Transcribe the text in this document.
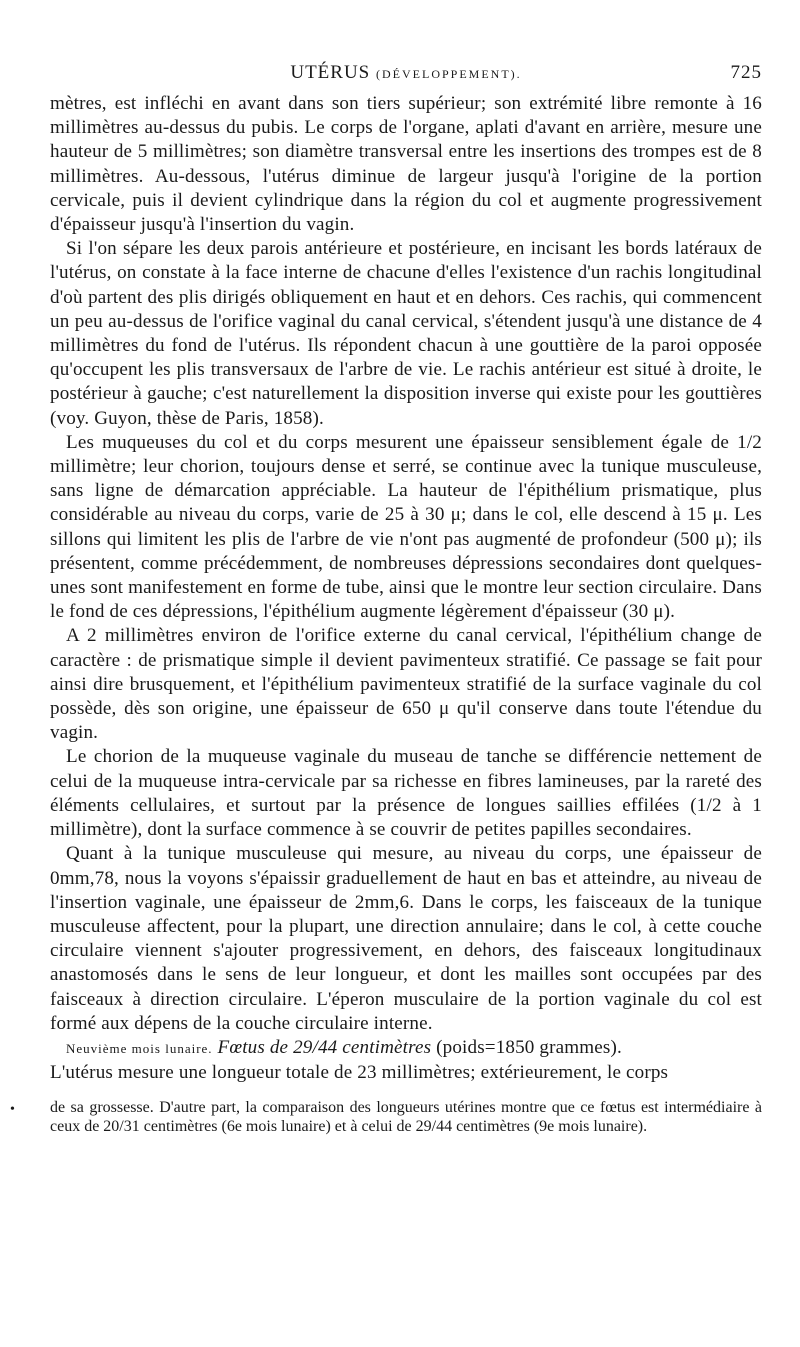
UTÉRUS (DÉVELOPPEMENT).	725

mètres, est infléchi en avant dans son tiers supérieur; son extrémité libre remonte à 16 millimètres au-dessus du pubis. Le corps de l'organe, aplati d'avant en arrière, mesure une hauteur de 5 millimètres; son diamètre transversal entre les insertions des trompes est de 8 millimètres. Au-dessous, l'utérus diminue de largeur jusqu'à l'origine de la portion cervicale, puis il devient cylindrique dans la région du col et augmente progressivement d'épaisseur jusqu'à l'insertion du vagin.

Si l'on sépare les deux parois antérieure et postérieure, en incisant les bords latéraux de l'utérus, on constate à la face interne de chacune d'elles l'existence d'un rachis longitudinal d'où partent des plis dirigés obliquement en haut et en dehors. Ces rachis, qui commencent un peu au-dessus de l'orifice vaginal du canal cervical, s'étendent jusqu'à une distance de 4 millimètres du fond de l'utérus. Ils répondent chacun à une gouttière de la paroi opposée qu'occupent les plis transversaux de l'arbre de vie. Le rachis antérieur est situé à droite, le postérieur à gauche; c'est naturellement la disposition inverse qui existe pour les gouttières (voy. Guyon, thèse de Paris, 1858).

Les muqueuses du col et du corps mesurent une épaisseur sensiblement égale de 1/2 millimètre; leur chorion, toujours dense et serré, se continue avec la tunique musculeuse, sans ligne de démarcation appréciable. La hauteur de l'épithélium prismatique, plus considérable au niveau du corps, varie de 25 à 30 μ; dans le col, elle descend à 15 μ. Les sillons qui limitent les plis de l'arbre de vie n'ont pas augmenté de profondeur (500 μ); ils présentent, comme précédemment, de nombreuses dépressions secondaires dont quelques-unes sont manifestement en forme de tube, ainsi que le montre leur section circulaire. Dans le fond de ces dépressions, l'épithélium augmente légèrement d'épaisseur (30 μ).

A 2 millimètres environ de l'orifice externe du canal cervical, l'épithélium change de caractère : de prismatique simple il devient pavimenteux stratifié. Ce passage se fait pour ainsi dire brusquement, et l'épithélium pavimenteux stratifié de la surface vaginale du col possède, dès son origine, une épaisseur de 650 μ qu'il conserve dans toute l'étendue du vagin.

Le chorion de la muqueuse vaginale du museau de tanche se différencie nettement de celui de la muqueuse intra-cervicale par sa richesse en fibres lamineuses, par la rareté des éléments cellulaires, et surtout par la présence de longues saillies effilées (1/2 à 1 millimètre), dont la surface commence à se couvrir de petites papilles secondaires.

Quant à la tunique musculeuse qui mesure, au niveau du corps, une épaisseur de 0mm,78, nous la voyons s'épaissir graduellement de haut en bas et atteindre, au niveau de l'insertion vaginale, une épaisseur de 2mm,6. Dans le corps, les faisceaux de la tunique musculeuse affectent, pour la plupart, une direction annulaire; dans le col, à cette couche circulaire viennent s'ajouter progressivement, en dehors, des faisceaux longitudinaux anastomosés dans le sens de leur longueur, et dont les mailles sont occupées par des faisceaux à direction circulaire. L'éperon musculaire de la portion vaginale du col est formé aux dépens de la couche circulaire interne.

Neuvième mois lunaire. Fœtus de 29/44 centimètres (poids=1850 grammes).

L'utérus mesure une longueur totale de 23 millimètres; extérieurement, le corps

• de sa grossesse. D'autre part, la comparaison des longueurs utérines montre que ce fœtus est intermédiaire à ceux de 20/31 centimètres (6e mois lunaire) et à celui de 29/44 centimètres (9e mois lunaire).
